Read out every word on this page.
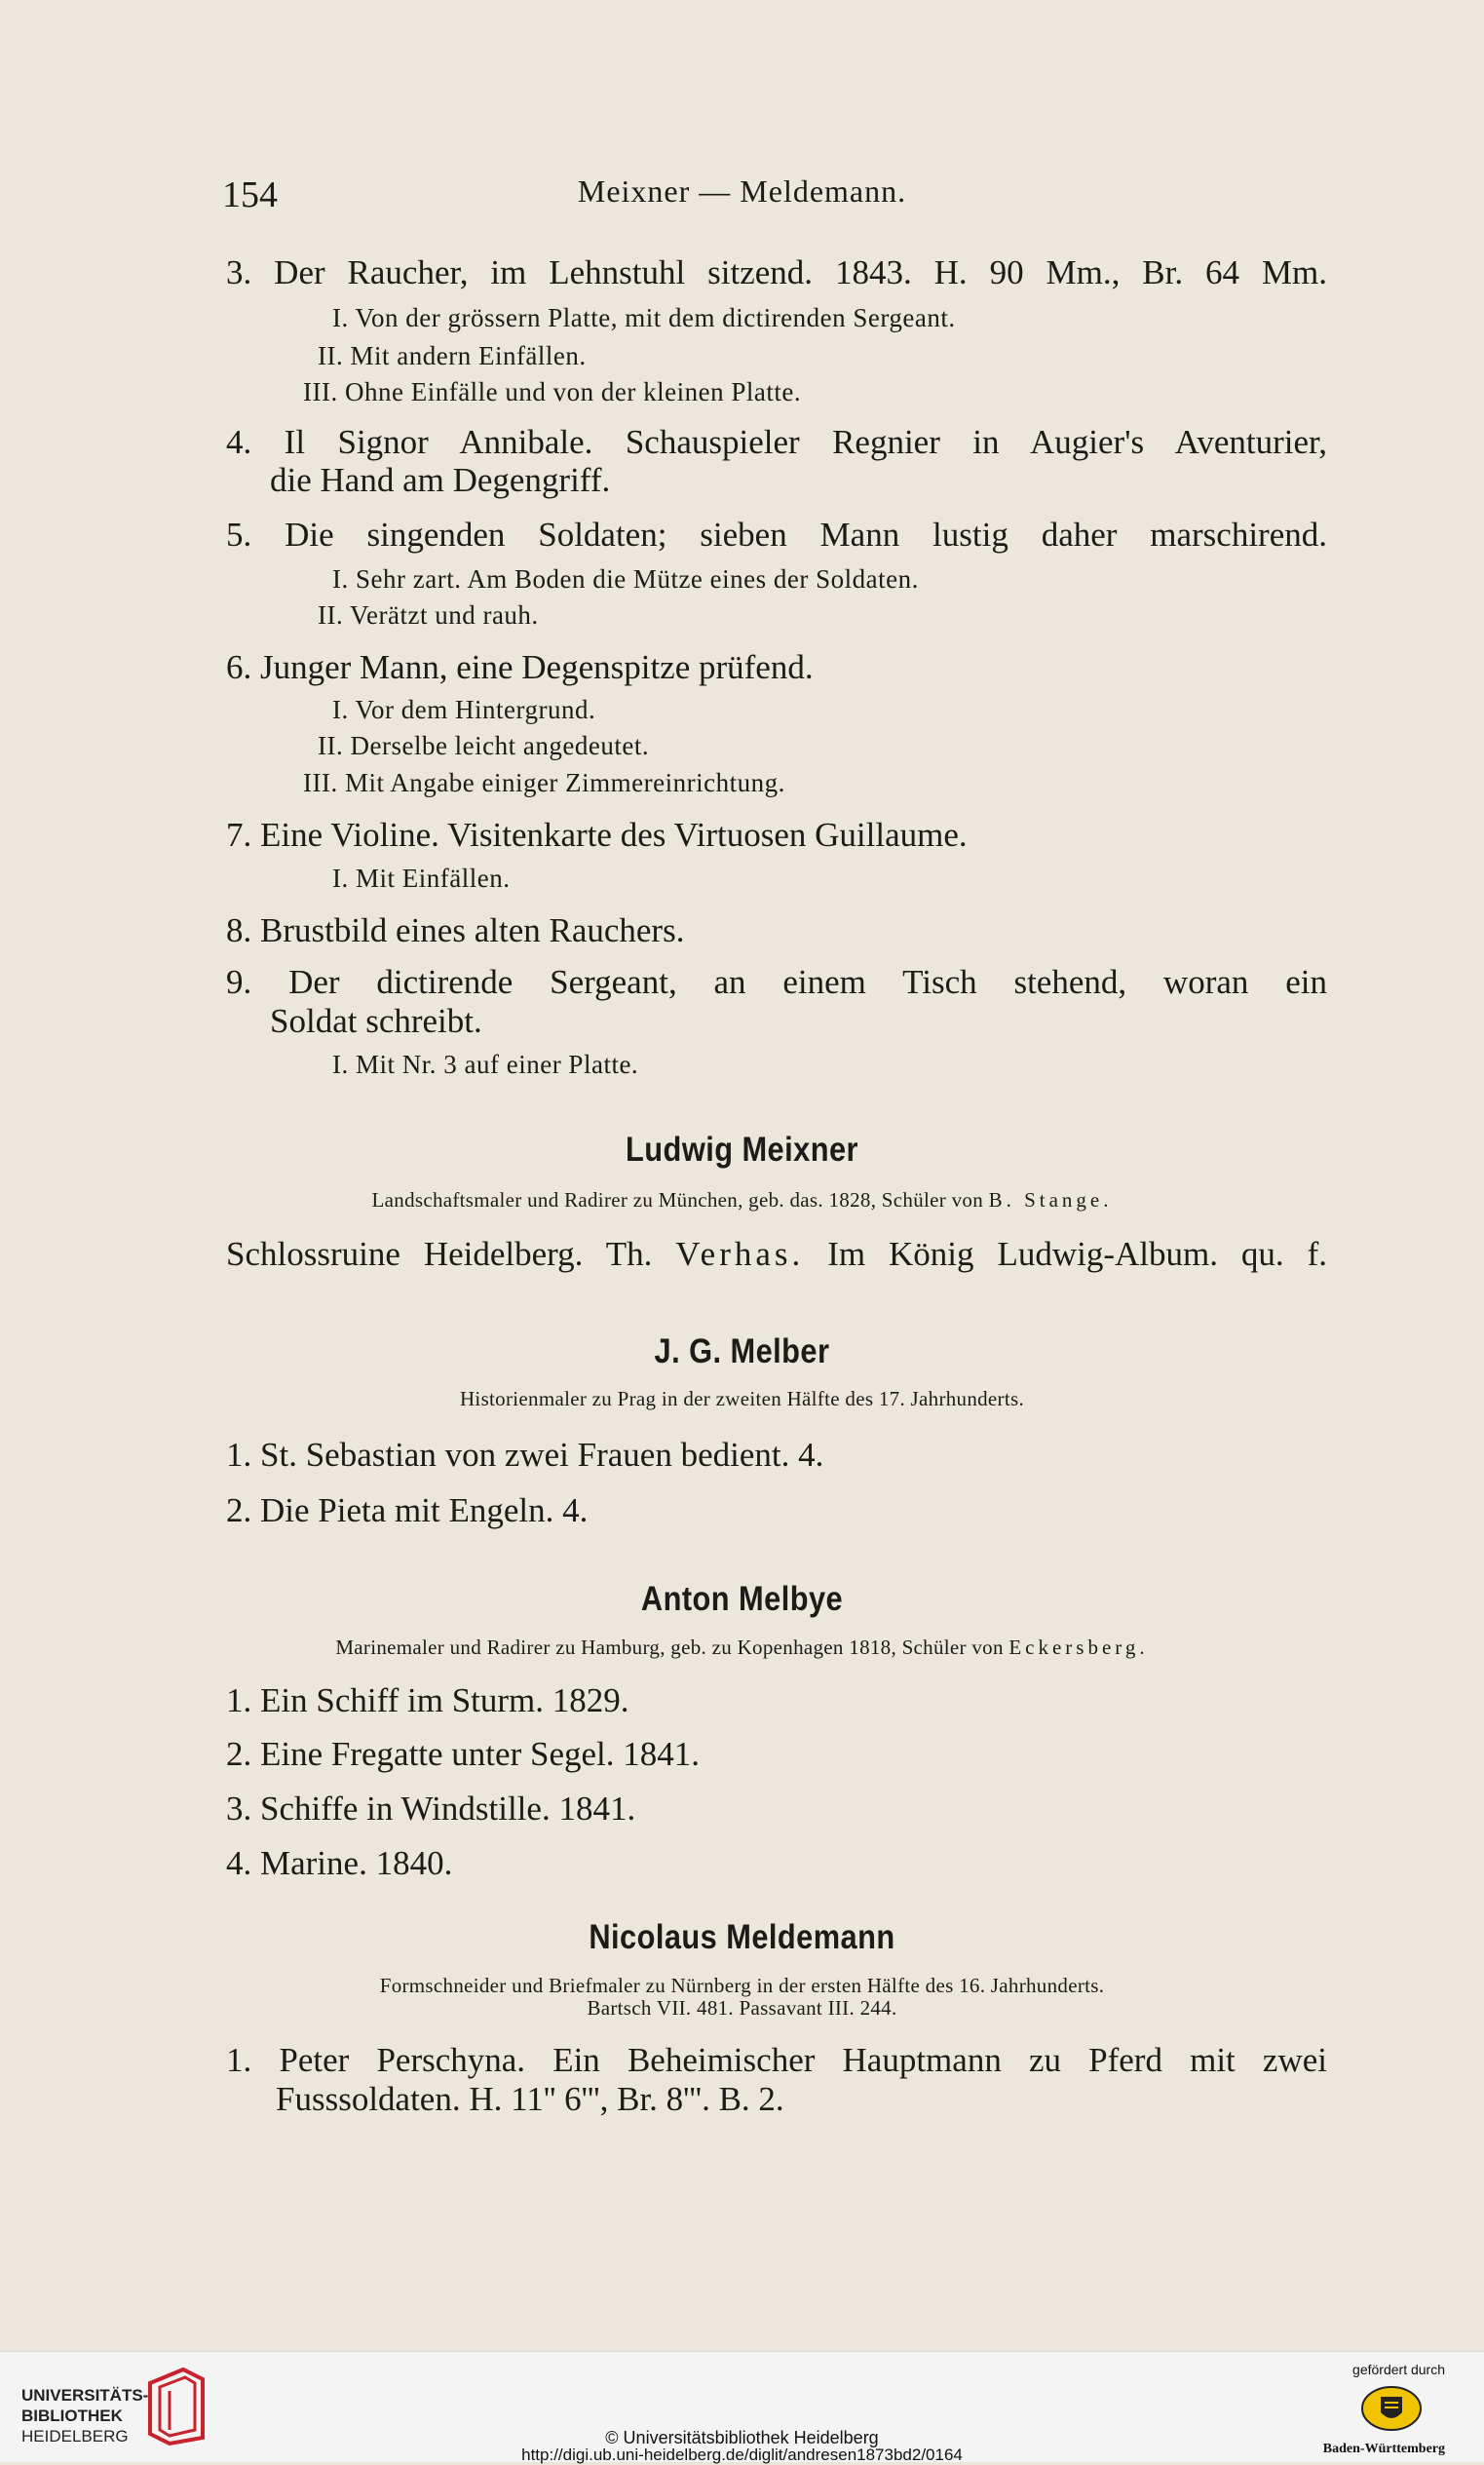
154	Meixner — Meldemann.
3. Der Raucher, im Lehnstuhl sitzend. 1843. H. 90 Mm., Br. 64 Mm.
I. Von der grössern Platte, mit dem dictirenden Sergeant.
II. Mit andern Einfällen.
III. Ohne Einfälle und von der kleinen Platte.
4. Il Signor Annibale. Schauspieler Regnier in Augier's Aventurier,
die Hand am Degengriff.
5. Die singenden Soldaten; sieben Mann lustig daher marschirend.
I. Sehr zart. Am Boden die Mütze eines der Soldaten.
II. Verätzt und rauh.
6. Junger Mann, eine Degenspitze prüfend.
I. Vor dem Hintergrund.
II. Derselbe leicht angedeutet.
III. Mit Angabe einiger Zimmereinrichtung.
7. Eine Violine. Visitenkarte des Virtuosen Guillaume.
I. Mit Einfällen.
8. Brustbild eines alten Rauchers.
9. Der dictirende Sergeant, an einem Tisch stehend, woran ein
Soldat schreibt.
I. Mit Nr. 3 auf einer Platte.
Ludwig Meixner
Landschaftsmaler und Radirer zu München, geb. das. 1828, Schüler von B. Stange.
Schlossruine Heidelberg. Th. Verhas. Im König Ludwig-Album. qu. f.
J. G. Melber
Historienmaler zu Prag in der zweiten Hälfte des 17. Jahrhunderts.
1. St. Sebastian von zwei Frauen bedient. 4.
2. Die Pieta mit Engeln. 4.
Anton Melbye
Marinemaler und Radirer zu Hamburg, geb. zu Kopenhagen 1818, Schüler von Eckersberg.
1. Ein Schiff im Sturm. 1829.
2. Eine Fregatte unter Segel. 1841.
3. Schiffe in Windstille. 1841.
4. Marine. 1840.
Nicolaus Meldemann
Formschneider und Briefmaler zu Nürnberg in der ersten Hälfte des 16. Jahrhunderts.
Bartsch VII. 481. Passavant III. 244.
1. Peter Perschyna. Ein Beheimischer Hauptmann zu Pferd mit zwei
Fusssoldaten. H. 11'' 6''', Br. 8'''. B. 2.
UNIVERSITÄTS-
BIBLIOTHEK
HEIDELBERG	© Universitätsbibliothek Heidelberg
http://digi.ub.uni-heidelberg.de/diglit/andresen1873bd2/0164
gefördert durch
Baden-Württemberg
